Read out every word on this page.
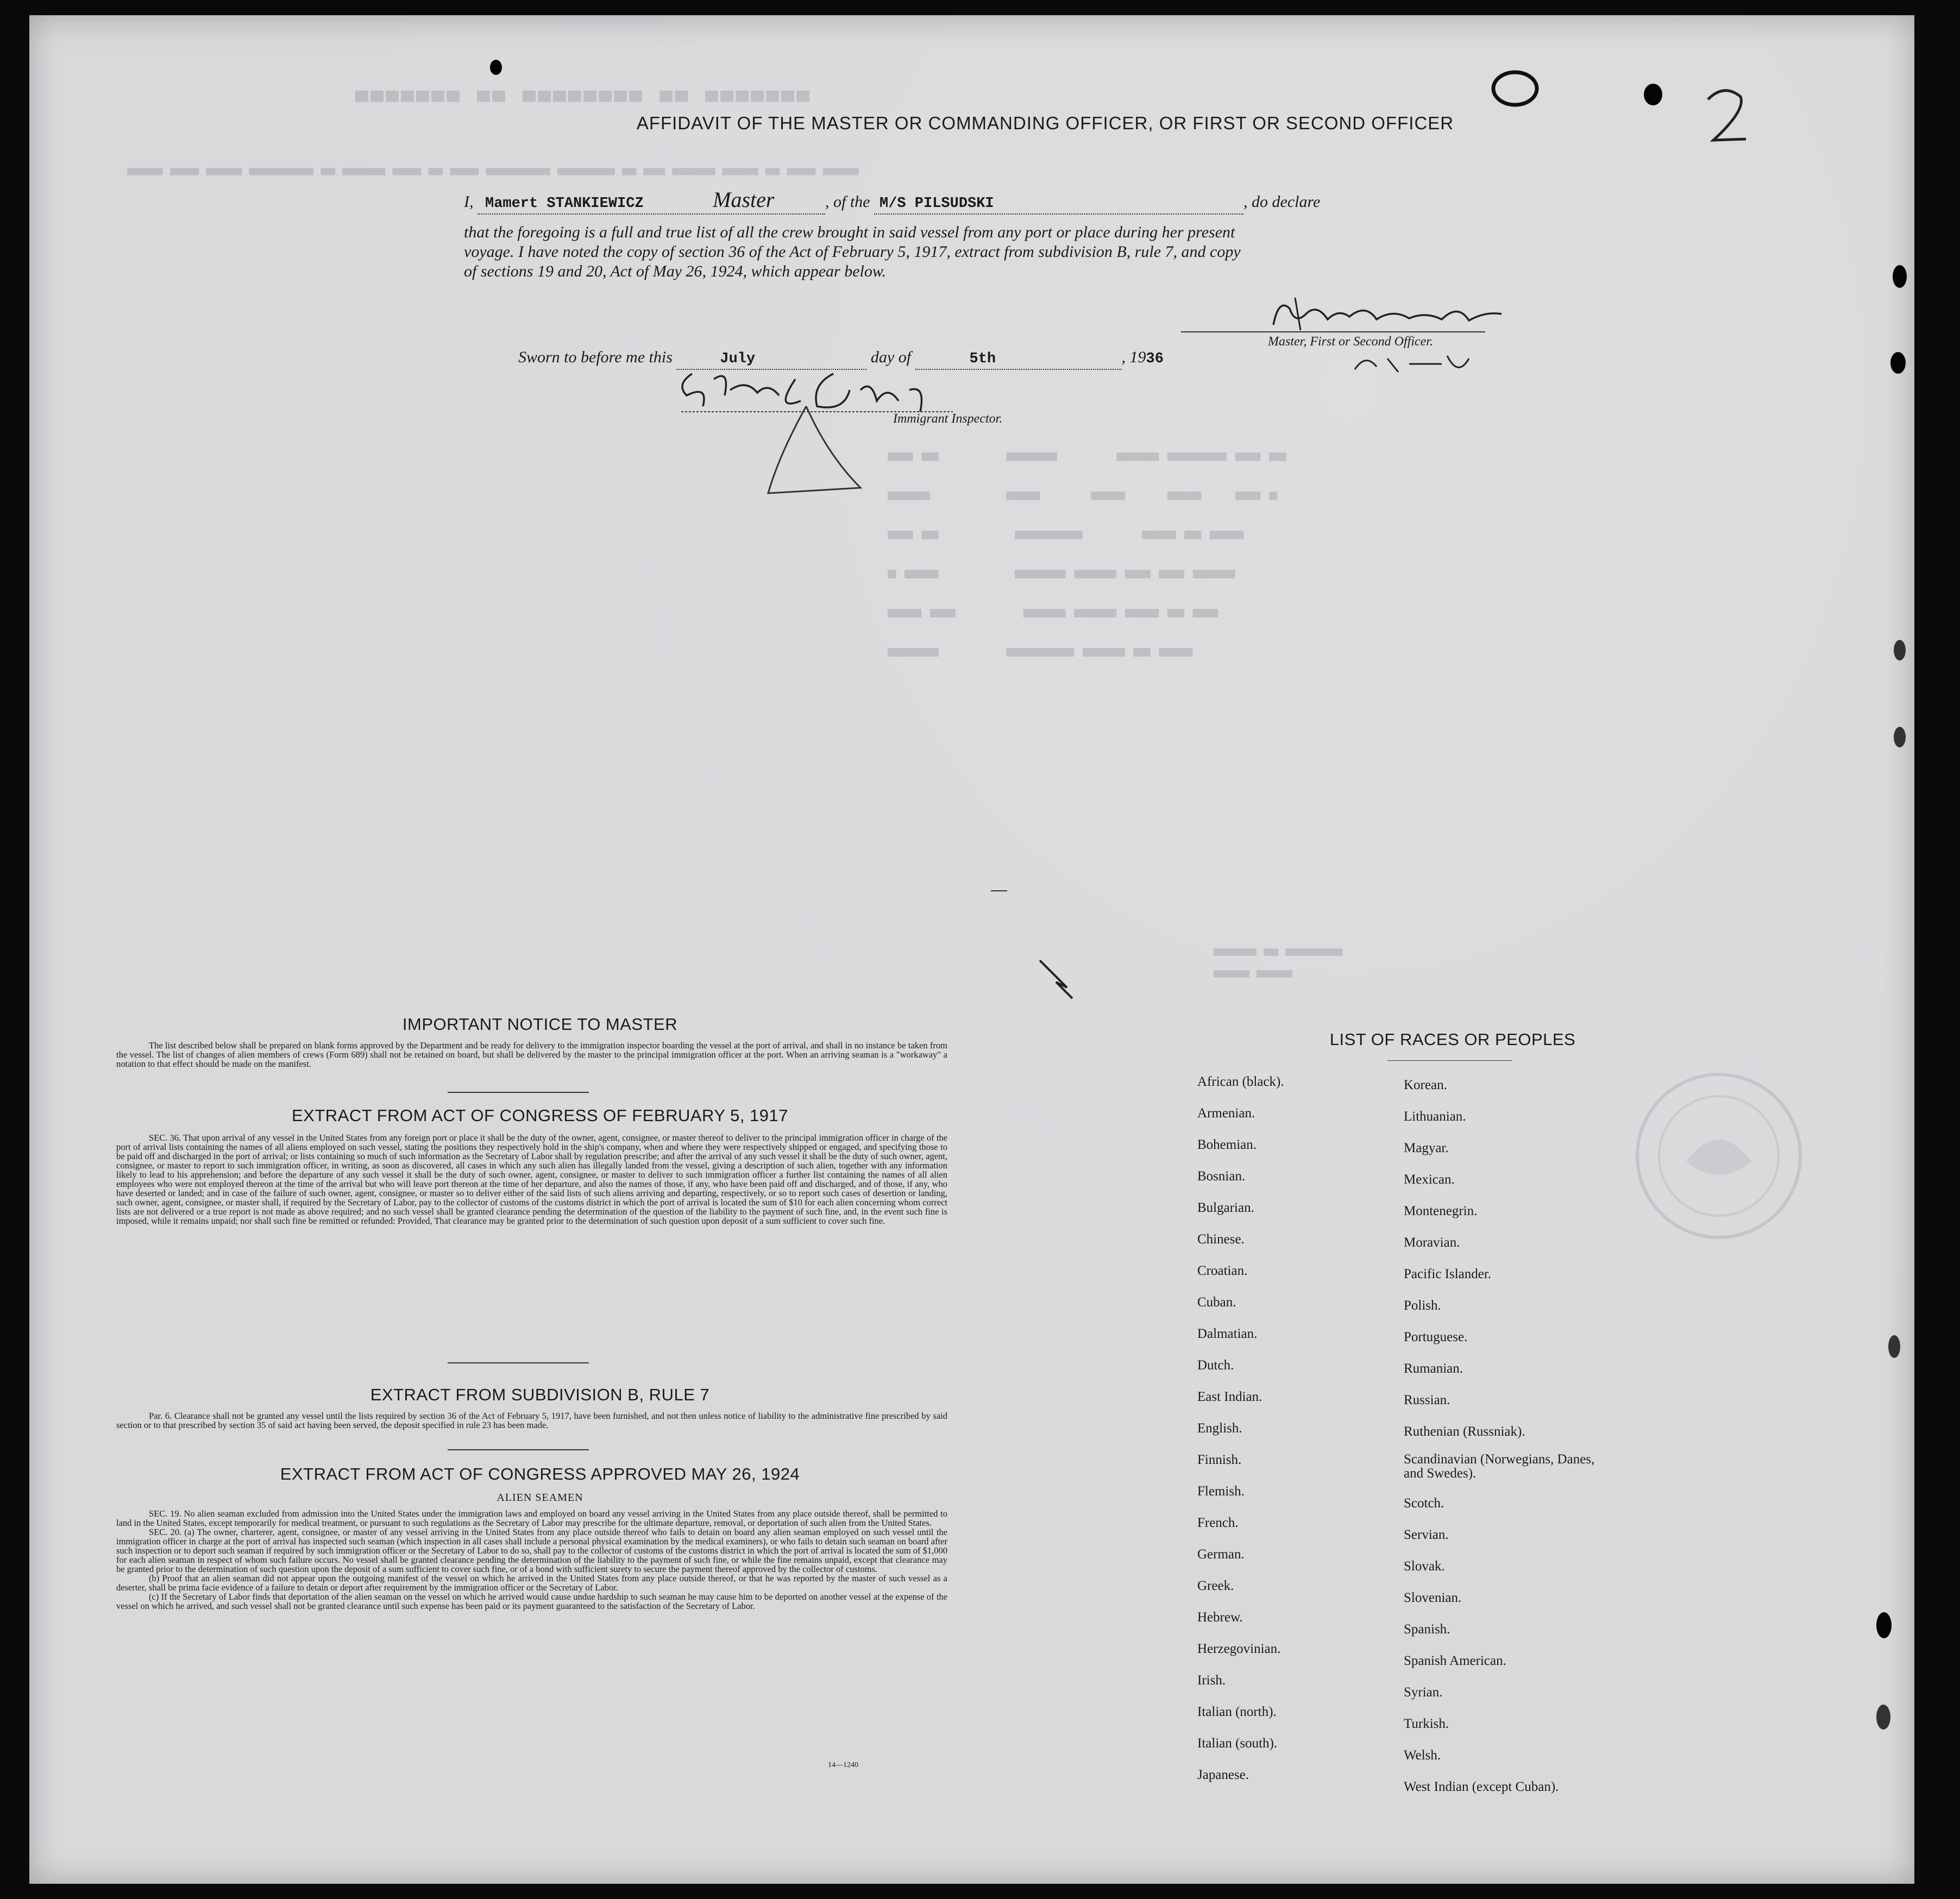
▀▀▀▀▀▀▀ ▀▀ ▀▀▀▀▀▀▀▀ ▀▀ ▀▀▀▀▀▀▀
▄▄▄▄▄ ▄▄▄▄ ▄▄▄▄▄ ▄▄▄▄▄▄▄▄▄ ▄▄ ▄▄▄▄▄▄ ▄▄▄▄ ▄▄ ▄▄▄▄ ▄▄▄▄▄▄▄▄▄ ▄▄▄▄▄▄▄▄ ▄▄ ▄▄▄ ▄▄▄▄▄▄ ▄▄▄▄▄ ▄▄ ▄▄▄▄ ▄▄▄▄▄
▄▄▄ ▄▄        ▄▄▄▄▄▄       ▄▄▄▄▄ ▄▄▄▄▄▄▄ ▄▄▄ ▄▄
▄▄▄▄▄         ▄▄▄▄      ▄▄▄▄     ▄▄▄▄    ▄▄▄ ▄
▄▄▄ ▄▄         ▄▄▄▄▄▄▄▄       ▄▄▄▄ ▄▄ ▄▄▄▄
▄ ▄▄▄▄         ▄▄▄▄▄▄ ▄▄▄▄▄ ▄▄▄ ▄▄▄ ▄▄▄▄▄
▄▄▄▄ ▄▄▄        ▄▄▄▄▄ ▄▄▄▄▄ ▄▄▄▄ ▄▄ ▄▄▄
▄▄▄▄▄▄        ▄▄▄▄▄▄▄▄ ▄▄▄▄▄ ▄▄ ▄▄▄▄
▄▄▄▄▄▄ ▄▄ ▄▄▄▄▄▄▄▄
▄▄▄▄▄ ▄▄▄▄▄
AFFIDAVIT OF THE MASTER OR COMMANDING OFFICER, OR FIRST OR SECOND OFFICER
I, Mamert STANKIEWICZ	Master	, of the M/S PILSUDSKI	, do declare
that the foregoing is a full and true list of all the crew brought in said vessel from any port or place during her present
voyage. I have noted the copy of section 36 of the Act of February 5, 1917, extract from subdivision B, rule 7, and copy
of sections 19 and 20, Act of May 26, 1924, which appear below.
Master, First or Second Officer.
Sworn to before me this	July	day of	5th	, 1936
Immigrant Inspector.
IMPORTANT NOTICE TO MASTER
The list described below shall be prepared on blank forms approved by the Department and be ready for delivery to the immigration inspector boarding the vessel at the port of arrival, and shall in no instance be taken from the vessel. The list of changes of alien members of crews (Form 689) shall not be retained on board, but shall be delivered by the master to the principal immigration officer at the port. When an arriving seaman is a "workaway" a notation to that effect should be made on the manifest.
EXTRACT FROM ACT OF CONGRESS OF FEBRUARY 5, 1917
SEC. 36. That upon arrival of any vessel in the United States from any foreign port or place it shall be the duty of the owner, agent, consignee, or master thereof to deliver to the principal immigration officer in charge of the port of arrival lists containing the names of all aliens employed on such vessel, stating the positions they respectively hold in the ship's company, when and where they were respectively shipped or engaged, and specifying those to be paid off and discharged in the port of arrival; or lists containing so much of such information as the Secretary of Labor shall by regulation prescribe; and after the arrival of any such vessel it shall be the duty of such owner, agent, consignee, or master to report to such immigration officer, in writing, as soon as discovered, all cases in which any such alien has illegally landed from the vessel, giving a description of such alien, together with any information likely to lead to his apprehension; and before the departure of any such vessel it shall be the duty of such owner, agent, consignee, or master to deliver to such immigration officer a further list containing the names of all alien employees who were not employed thereon at the time of the arrival but who will leave port thereon at the time of her departure, and also the names of those, if any, who have been paid off and discharged, and of those, if any, who have deserted or landed; and in case of the failure of such owner, agent, consignee, or master so to deliver either of the said lists of such aliens arriving and departing, respectively, or so to report such cases of desertion or landing, such owner, agent, consignee, or master shall, if required by the Secretary of Labor, pay to the collector of customs of the customs district in which the port of arrival is located the sum of $10 for each alien concerning whom correct lists are not delivered or a true report is not made as above required; and no such vessel shall be granted clearance pending the determination of the question of the liability to the payment of such fine, and, in the event such fine is imposed, while it remains unpaid; nor shall such fine be remitted or refunded: Provided, That clearance may be granted prior to the determination of such question upon deposit of a sum sufficient to cover such fine.
EXTRACT FROM SUBDIVISION B, RULE 7
Par. 6. Clearance shall not be granted any vessel until the lists required by section 36 of the Act of February 5, 1917, have been furnished, and not then unless notice of liability to the administrative fine prescribed by said section or to that prescribed by section 35 of said act having been served, the deposit specified in rule 23 has been made.
EXTRACT FROM ACT OF CONGRESS APPROVED MAY 26, 1924
ALIEN SEAMEN
SEC. 19. No alien seaman excluded from admission into the United States under the immigration laws and employed on board any vessel arriving in the United States from any place outside thereof, shall be permitted to land in the United States, except temporarily for medical treatment, or pursuant to such regulations as the Secretary of Labor may prescribe for the ultimate departure, removal, or deportation of such alien from the United States.
SEC. 20. (a) The owner, charterer, agent, consignee, or master of any vessel arriving in the United States from any place outside thereof who fails to detain on board any alien seaman employed on such vessel until the immigration officer in charge at the port of arrival has inspected such seaman (which inspection in all cases shall include a personal physical examination by the medical examiners), or who fails to detain such seaman on board after such inspection or to deport such seaman if required by such immigration officer or the Secretary of Labor to do so, shall pay to the collector of customs of the customs district in which the port of arrival is located the sum of $1,000 for each alien seaman in respect of whom such failure occurs. No vessel shall be granted clearance pending the determination of the liability to the payment of such fine, or while the fine remains unpaid, except that clearance may be granted prior to the determination of such question upon the deposit of a sum sufficient to cover such fine, or of a bond with sufficient surety to secure the payment thereof approved by the collector of customs.
(b) Proof that an alien seaman did not appear upon the outgoing manifest of the vessel on which he arrived in the United States from any place outside thereof, or that he was reported by the master of such vessel as a deserter, shall be prima facie evidence of a failure to detain or deport after requirement by the immigration officer or the Secretary of Labor.
(c) If the Secretary of Labor finds that deportation of the alien seaman on the vessel on which he arrived would cause undue hardship to such seaman he may cause him to be deported on another vessel at the expense of the vessel on which he arrived, and such vessel shall not be granted clearance until such expense has been paid or its payment guaranteed to the satisfaction of the Secretary of Labor.
14—1240
LIST OF RACES OR PEOPLES
African (black).
Armenian.
Bohemian.
Bosnian.
Bulgarian.
Chinese.
Croatian.
Cuban.
Dalmatian.
Dutch.
East Indian.
English.
Finnish.
Flemish.
French.
German.
Greek.
Hebrew.
Herzegovinian.
Irish.
Italian (north).
Italian (south).
Japanese.
Korean.
Lithuanian.
Magyar.
Mexican.
Montenegrin.
Moravian.
Pacific Islander.
Polish.
Portuguese.
Rumanian.
Russian.
Ruthenian (Russniak).
Scandinavian (Norwegians, Danes, and Swedes).
Scotch.
Servian.
Slovak.
Slovenian.
Spanish.
Spanish American.
Syrian.
Turkish.
Welsh.
West Indian (except Cuban).
